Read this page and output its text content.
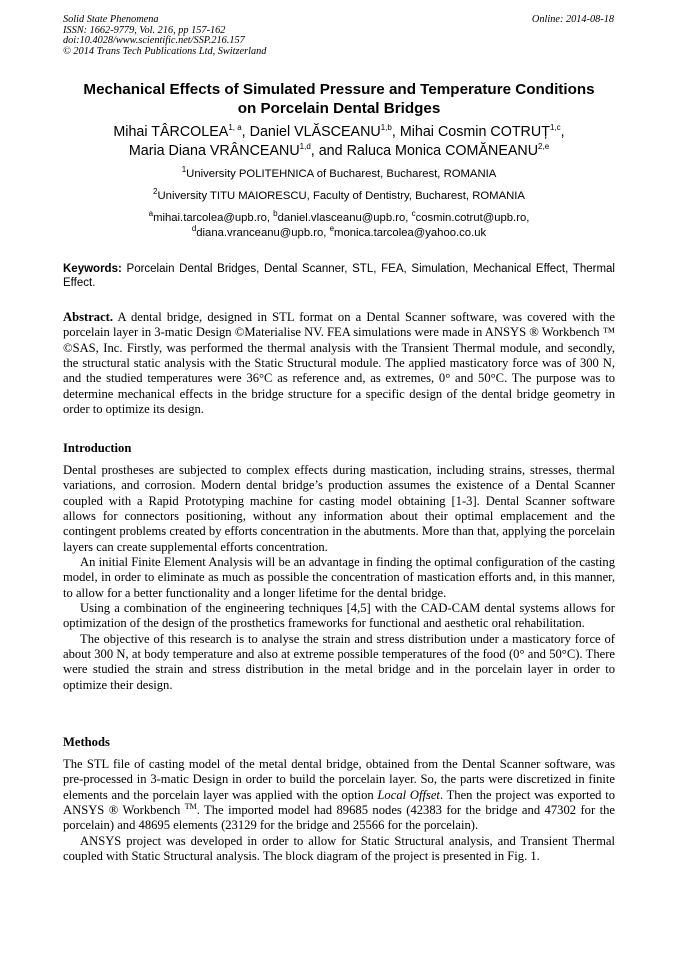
Solid State Phenomena
ISSN: 1662-9779, Vol. 216, pp 157-162
doi:10.4028/www.scientific.net/SSP.216.157
© 2014 Trans Tech Publications Ltd, Switzerland
Online: 2014-08-18
Mechanical Effects of Simulated Pressure and Temperature Conditions
on Porcelain Dental Bridges
Mihai TÂRCOLEA$^{1, a}$, Daniel VLĂSCEANU$^{1,b}$, Mihai Cosmin COTRUȚ$^{1,c}$,
Maria Diana VRÂNCEANU$^{1,d}$, and Raluca Monica COMĂNEANU$^{2,e}$
$^1$University POLITEHNICA of Bucharest, Bucharest, ROMANIA
$^2$University TITU MAIORESCU, Faculty of Dentistry, Bucharest, ROMANIA
$^a$mihai.tarcolea@upb.ro, $^b$daniel.vlasceanu@upb.ro, $^c$cosmin.cotrut@upb.ro,
$^d$diana.vranceanu@upb.ro, $^e$monica.tarcolea@yahoo.co.uk
Keywords: Porcelain Dental Bridges, Dental Scanner, STL, FEA, Simulation, Mechanical Effect, Thermal Effect.
Abstract. A dental bridge, designed in STL format on a Dental Scanner software, was covered with the porcelain layer in 3-matic Design ©Materialise NV. FEA simulations were made in ANSYS ® Workbench ™ ©SAS, Inc. Firstly, was performed the thermal analysis with the Transient Thermal module, and secondly, the structural static analysis with the Static Structural module. The applied masticatory force was of 300 N, and the studied temperatures were 36°C as reference and, as extremes, 0° and 50°C. The purpose was to determine mechanical effects in the bridge structure for a specific design of the dental bridge geometry in order to optimize its design.
Introduction
Dental prostheses are subjected to complex effects during mastication, including strains, stresses, thermal variations, and corrosion. Modern dental bridge’s production assumes the existence of a Dental Scanner coupled with a Rapid Prototyping machine for casting model obtaining [1-3]. Dental Scanner software allows for connectors positioning, without any information about their optimal emplacement and the contingent problems created by efforts concentration in the abutments. More than that, applying the porcelain layers can create supplemental efforts concentration.
An initial Finite Element Analysis will be an advantage in finding the optimal configuration of the casting model, in order to eliminate as much as possible the concentration of mastication efforts and, in this manner, to allow for a better functionality and a longer lifetime for the dental bridge.
Using a combination of the engineering techniques [4,5] with the CAD-CAM dental systems allows for optimization of the design of the prosthetics frameworks for functional and aesthetic oral rehabilitation.
The objective of this research is to analyse the strain and stress distribution under a masticatory force of about 300 N, at body temperature and also at extreme possible temperatures of the food (0° and 50°C). There were studied the strain and stress distribution in the metal bridge and in the porcelain layer in order to optimize their design.
Methods
The STL file of casting model of the metal dental bridge, obtained from the Dental Scanner software, was pre-processed in 3-matic Design in order to build the porcelain layer. So, the parts were discretized in finite elements and the porcelain layer was applied with the option Local Offset. Then the project was exported to ANSYS ® Workbench ™. The imported model had 89685 nodes (42383 for the bridge and 47302 for the porcelain) and 48695 elements (23129 for the bridge and 25566 for the porcelain).
ANSYS project was developed in order to allow for Static Structural analysis, and Transient Thermal coupled with Static Structural analysis. The block diagram of the project is presented in Fig. 1.
